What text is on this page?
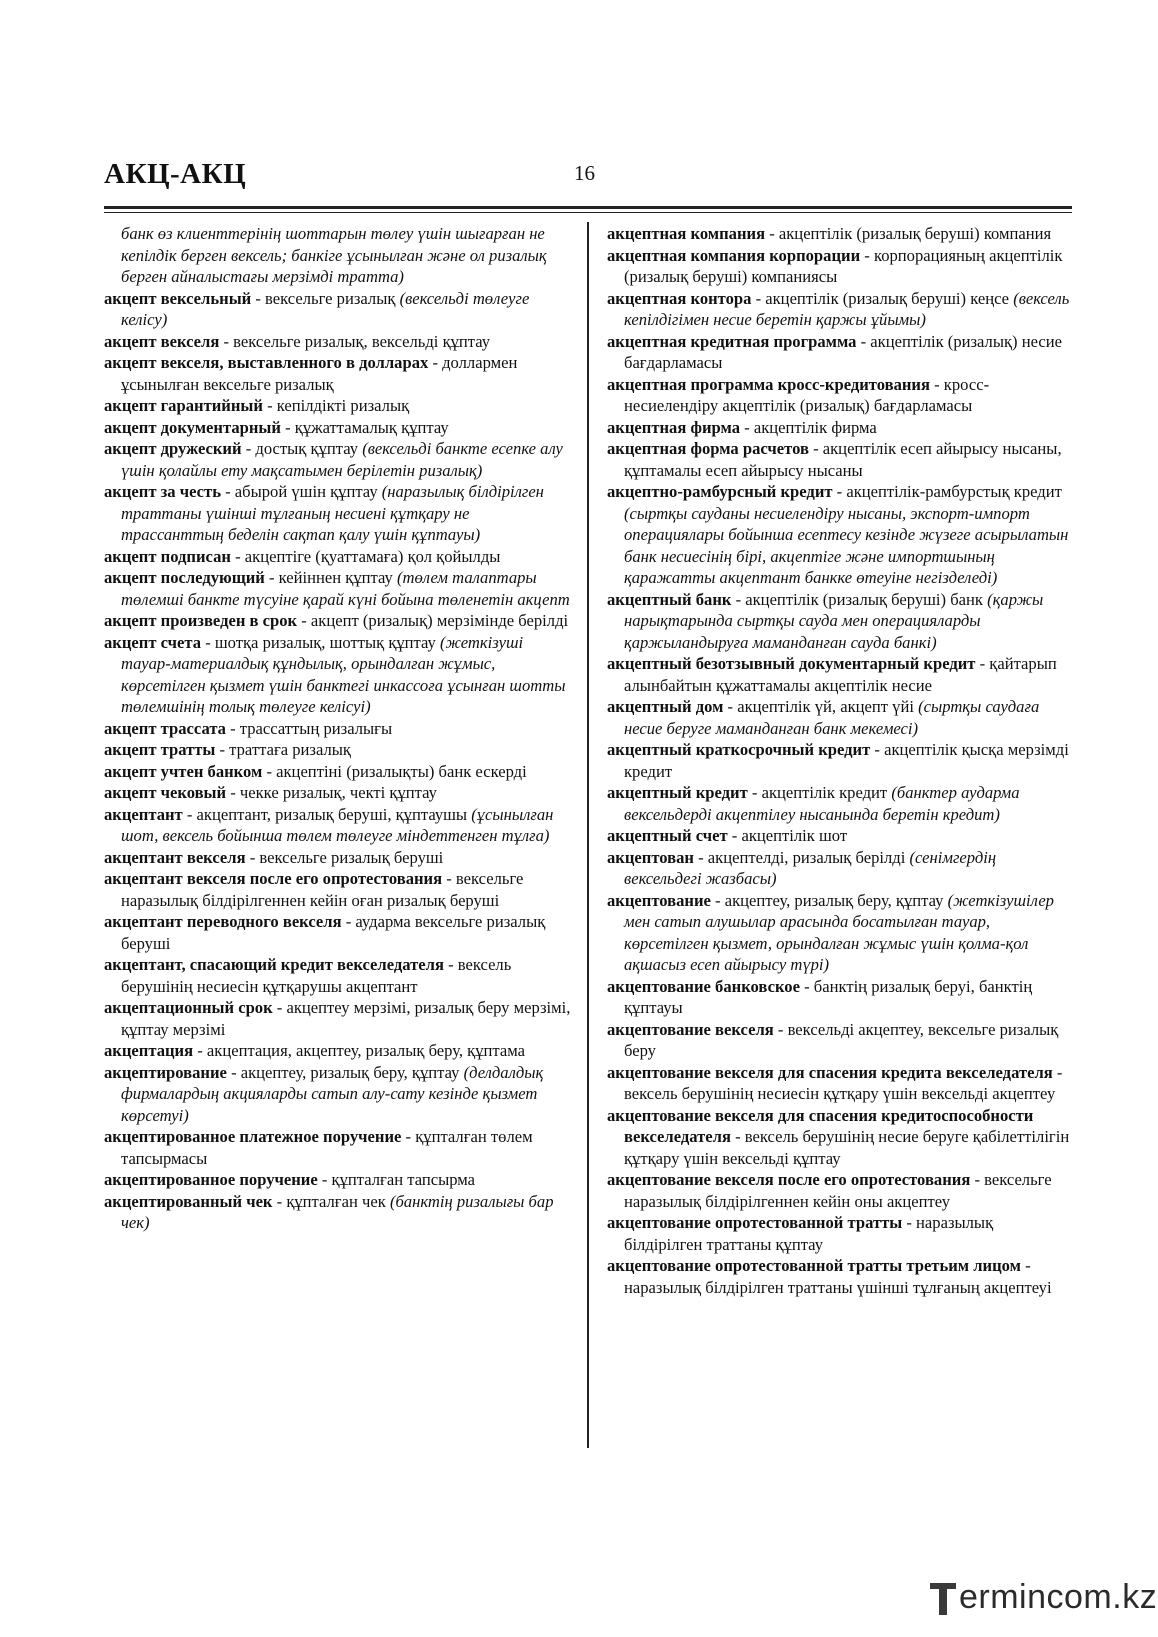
АКЦ-АКЦ	16
банк өз клиенттерінің шоттарын төлеу үшін шығарған не кепілдік берген вексель; банкіге ұсынылған және ол ризалық берген айналыстағы мерзімді тратта)
акцепт вексельный - вексельге ризалық (вексельді төлеуге келісу)
акцепт векселя - вексельге ризалық, вексельді құптау
акцепт векселя, выставленного в долларах - доллармен ұсынылған вексельге ризалық
акцепт гарантийный - кепілдікті ризалық
акцепт документарный - құжаттамалық құптау
акцепт дружеский - достық құптау (вексельді банкте есепке алу үшін қолайлы ету мақсатымен берілетін ризалық)
акцепт за честь - абырой үшін құптау (наразылық білдірілген траттаны үшінші тұлғаның несиені құтқару не трассанттың беделін сақтап қалу үшін құптауы)
акцепт подписан - акцептіге (қуаттамаға) қол қойылды
акцепт последующий - кейіннен құптау (төлем талаптары төлемші банкте түсуіне қарай күні бойына төленетін акцепт
акцепт произведен в срок - акцепт (ризалық) мерзімінде берілді
акцепт счета - шотқа ризалық, шоттық құптау (жеткізуші тауар-материалдық құндылық, орындалған жұмыс, көрсетілген қызмет үшін банктегі инкассоға ұсынған шотты төлемшінің толық төлеуге келісуі)
акцепт трассата - трассаттың ризалығы
акцепт тратты - траттаға ризалық
акцепт учтен банком - акцептіні (ризалықты) банк ескерді
акцепт чековый - чекке ризалық, чекті құптау
акцептант - акцептант, ризалық беруші, құптаушы (ұсынылған шот, вексель бойынша төлем төлеуге міндеттенген тұлға)
акцептант векселя - вексельге ризалық беруші
акцептант векселя после его опротестования - вексельге наразылық білдірілгеннен кейін оған ризалық беруші
акцептант переводного векселя - аударма вексельге ризалық беруші
акцептант, спасающий кредит векселедателя - вексель берушінің несиесін құтқарушы акцептант
акцептационный срок - акцептеу мерзімі, ризалық беру мерзімі, құптау мерзімі
акцептация - акцептация, акцептеу, ризалық беру, құптама
акцептирование - акцептеу, ризалық беру, құптау (делдалдық фирмалардың акцияларды сатып алу-сату кезінде қызмет көрсетуі)
акцептированное платежное поручение - құпталған төлем тапсырмасы
акцептированное поручение - құпталған тапсырма
акцептированный чек - құпталған чек (банктің ризалығы бар чек)
акцептная компания - акцептілік (ризалық беруші) компания
акцептная компания корпорации - корпорацияның акцептілік (ризалық беруші) компаниясы
акцептная контора - акцептілік (ризалық беруші) кеңсе (вексель кепілдігімен несие беретін қаржы ұйымы)
акцептная кредитная программа - акцептілік (ризалық) несие бағдарламасы
акцептная программа кросс-кредитования - кросс-несиелендіру акцептілік (ризалық) бағдарламасы
акцептная фирма - акцептілік фирма
акцептная форма расчетов - акцептілік есеп айырысу нысаны, құптамалы есеп айырысу нысаны
акцептно-рамбурсный кредит - акцептілік-рамбурстық кредит (сыртқы сауданы несиелендіру нысаны, экспорт-импорт операциялары бойынша есептесу кезінде жүзеге асырылатын банк несиесінің бірі, акцептіге және импортшының қаражатты акцептант банкке өтеуіне негізделеді)
акцептный банк - акцептілік (ризалық беруші) банк (қаржы нарықтарында сыртқы сауда мен операцияларды қаржыландыруға маманданған сауда банкі)
акцептный безотзывный документарный кредит - қайтарып алынбайтын құжаттамалы акцептілік несие
акцептный дом - акцептілік үй, акцепт үйі (сыртқы саудаға несие беруге маманданған банк мекемесі)
акцептный краткосрочный кредит - акцептілік қысқа мерзімді кредит
акцептный кредит - акцептілік кредит (банктер аударма вексельдерді акцептілеу нысанында беретін кредит)
акцептный счет - акцептілік шот
акцептован - акцептелді, ризалық берілді (сенімгердің вексельдегі жазбасы)
акцептование - акцептеу, ризалық беру, құптау (жеткізушілер мен сатып алушылар арасында босатылған тауар, көрсетілген қызмет, орындалған жұмыс үшін қолма-қол ақшасыз есеп айырысу түрі)
акцептование банковское - банктің ризалық беруі, банктің құптауы
акцептование векселя - вексельді акцептеу, вексельге ризалық беру
акцептование векселя для спасения кредита векселедателя - вексель берушінің несиесін құтқару үшін вексельді акцептеу
акцептование векселя для спасения кредитоспособности векселедателя - вексель берушінің несие беруге қабілеттілігін құтқару үшін вексельді құптау
акцептование векселя после его опротестования - вексельге наразылық білдірілгеннен кейін оны акцептеу
акцептование опротестованной тратты - наразылық білдірілген траттаны құптау
акцептование опротестованной тратты третьим лицом - наразылық білдірілген траттаны үшінші тұлғаның акцептеуі
ermincom.kz
